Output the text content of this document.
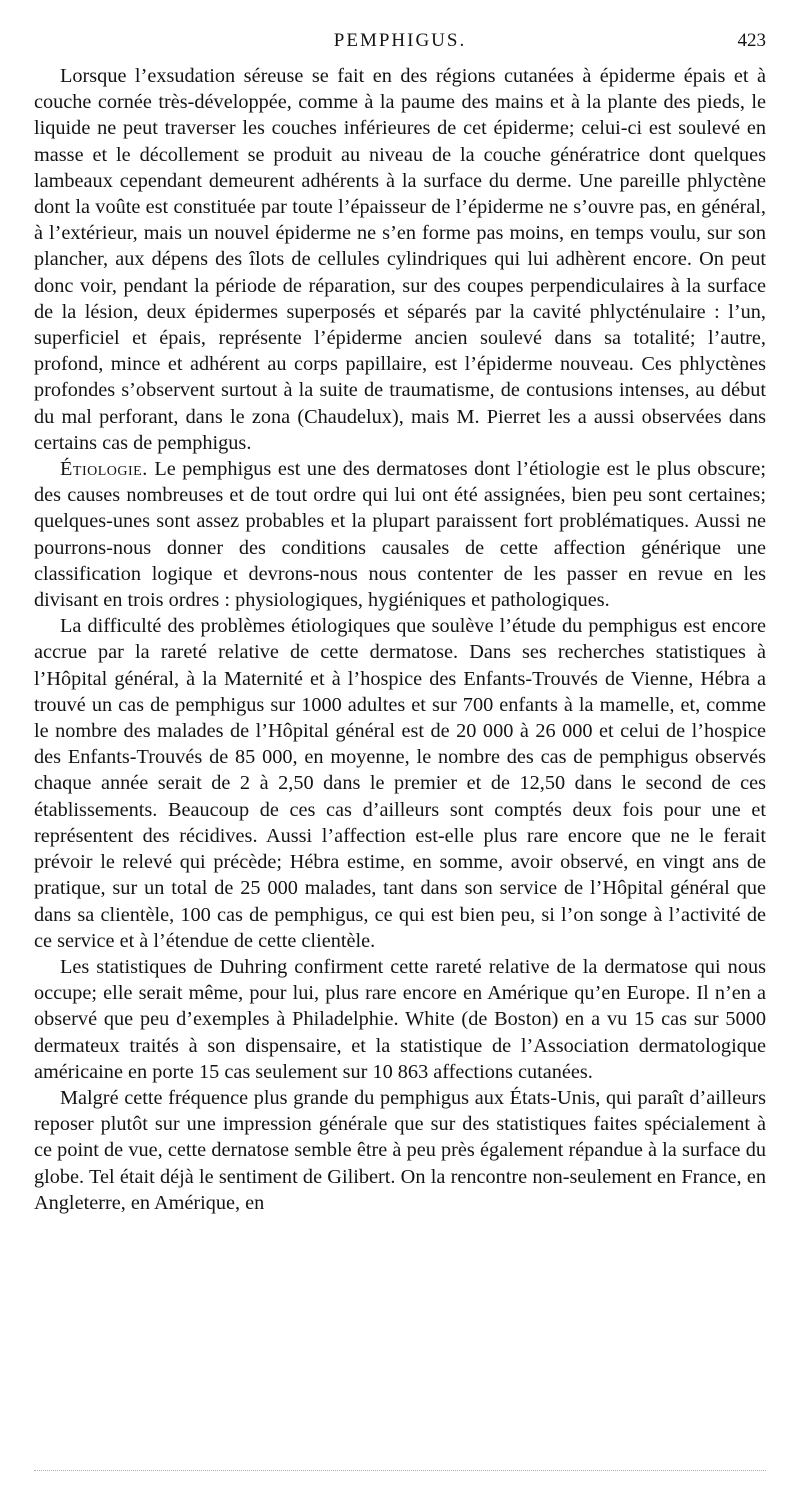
PEMPHIGUS.	423

Lorsque l’exsudation séreuse se fait en des régions cutanées à épiderme épais et à couche cornée très-développée, comme à la paume des mains et à la plante des pieds, le liquide ne peut traverser les couches inférieures de cet épiderme; celui-ci est soulevé en masse et le décollement se produit au niveau de la couche génératrice dont quelques lambeaux cependant demeurent adhérents à la surface du derme. Une pareille phlyctène dont la voûte est constituée par toute l’épaisseur de l’épiderme ne s’ouvre pas, en général, à l’extérieur, mais un nouvel épiderme ne s’en forme pas moins, en temps voulu, sur son plancher, aux dépens des îlots de cellules cylindriques qui lui adhèrent encore. On peut donc voir, pendant la période de réparation, sur des coupes perpendiculaires à la surface de la lésion, deux épidermes superposés et séparés par la cavité phlycténulaire : l’un, superficiel et épais, représente l’épiderme ancien soulevé dans sa totalité; l’autre, profond, mince et adhérent au corps papillaire, est l’épiderme nouveau. Ces phlyctènes profondes s’observent surtout à la suite de traumatisme, de contusions intenses, au début du mal perforant, dans le zona (Chaudelux), mais M. Pierret les a aussi observées dans certains cas de pemphigus.

Étiologie. Le pemphigus est une des dermatoses dont l’étiologie est le plus obscure; des causes nombreuses et de tout ordre qui lui ont été assignées, bien peu sont certaines; quelques-unes sont assez probables et la plupart paraissent fort problématiques. Aussi ne pourrons-nous donner des conditions causales de cette affection générique une classification logique et devrons-nous nous contenter de les passer en revue en les divisant en trois ordres : physiologiques, hygiéniques et pathologiques.

La difficulté des problèmes étiologiques que soulève l’étude du pemphigus est encore accrue par la rareté relative de cette dermatose. Dans ses recherches statistiques à l’Hôpital général, à la Maternité et à l’hospice des Enfants-Trouvés de Vienne, Hébra a trouvé un cas de pemphigus sur 1000 adultes et sur 700 enfants à la mamelle, et, comme le nombre des malades de l’Hôpital général est de 20 000 à 26 000 et celui de l’hospice des Enfants-Trouvés de 85 000, en moyenne, le nombre des cas de pemphigus observés chaque année serait de 2 à 2,50 dans le premier et de 12,50 dans le second de ces établissements. Beaucoup de ces cas d’ailleurs sont comptés deux fois pour une et représentent des récidives. Aussi l’affection est-elle plus rare encore que ne le ferait prévoir le relevé qui précède; Hébra estime, en somme, avoir observé, en vingt ans de pratique, sur un total de 25 000 malades, tant dans son service de l’Hôpital général que dans sa clientèle, 100 cas de pemphigus, ce qui est bien peu, si l’on songe à l’activité de ce service et à l’étendue de cette clientèle.

Les statistiques de Duhring confirment cette rareté relative de la dermatose qui nous occupe; elle serait même, pour lui, plus rare encore en Amérique qu’en Europe. Il n’en a observé que peu d’exemples à Philadelphie. White (de Boston) en a vu 15 cas sur 5000 dermateux traités à son dispensaire, et la statistique de l’Association dermatologique américaine en porte 15 cas seulement sur 10 863 affections cutanées.

Malgré cette fréquence plus grande du pemphigus aux États-Unis, qui paraît d’ailleurs reposer plutôt sur une impression générale que sur des statistiques faites spécialement à ce point de vue, cette dernatose semble être à peu près également répandue à la surface du globe. Tel était déjà le sentiment de Gilibert. On la rencontre non-seulement en France, en Angleterre, en Amérique, en
